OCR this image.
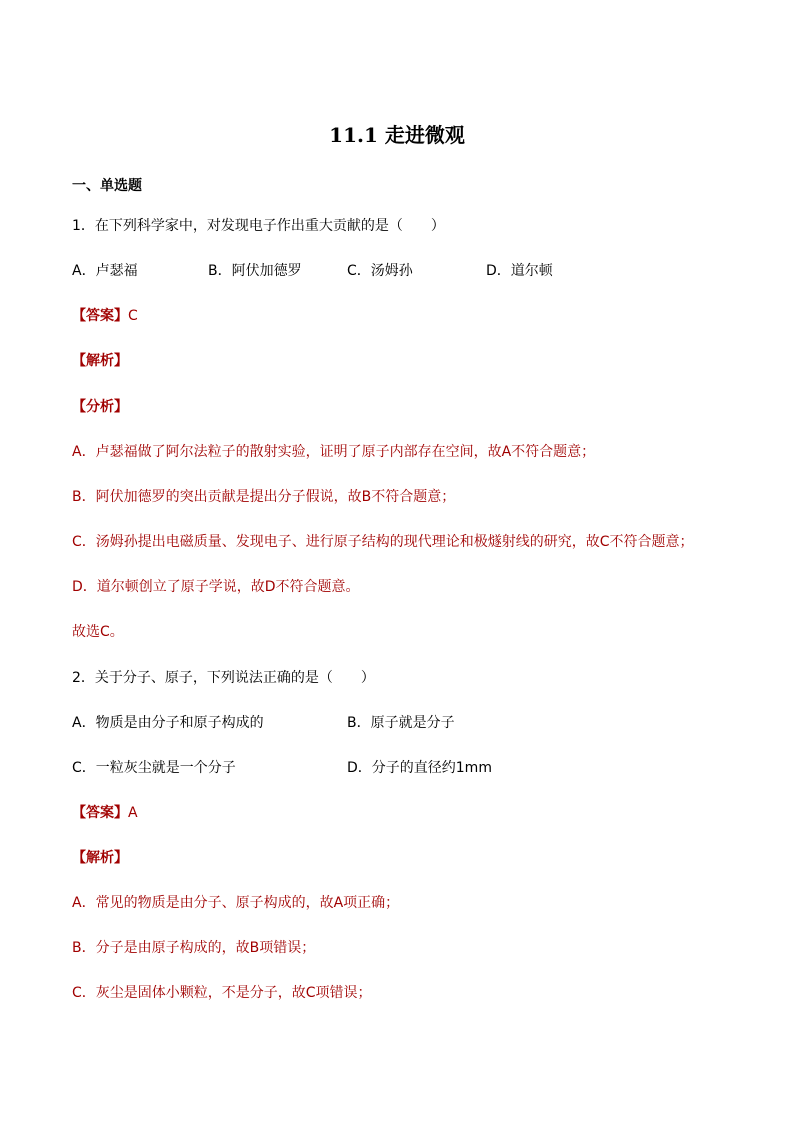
11.1 走进微观
一、单选题
1．在下列科学家中，对发现电子作出重大贡献的是（　　）
A．卢瑟福	B．阿伏加德罗	C．汤姆孙	D．道尔顿
【答案】C
【解析】
【分析】
A．卢瑟福做了阿尔法粒子的散射实验，证明了原子内部存在空间，故A不符合题意；
B．阿伏加德罗的突出贡献是提出分子假说，故B不符合题意；
C．汤姆孙提出电磁质量、发现电子、进行原子结构的现代理论和极燧射线的研究，故C不符合题意；
D．道尔顿创立了原子学说，故D不符合题意。
故选C。
2．关于分子、原子，下列说法正确的是（　　）
A．物质是由分子和原子构成的	B．原子就是分子
C．一粒灰尘就是一个分子	D．分子的直径约1mm
【答案】A
【解析】
A．常见的物质是由分子、原子构成的，故A项正确；
B．分子是由原子构成的，故B项错误；
C．灰尘是固体小颗粒，不是分子，故C项错误；
